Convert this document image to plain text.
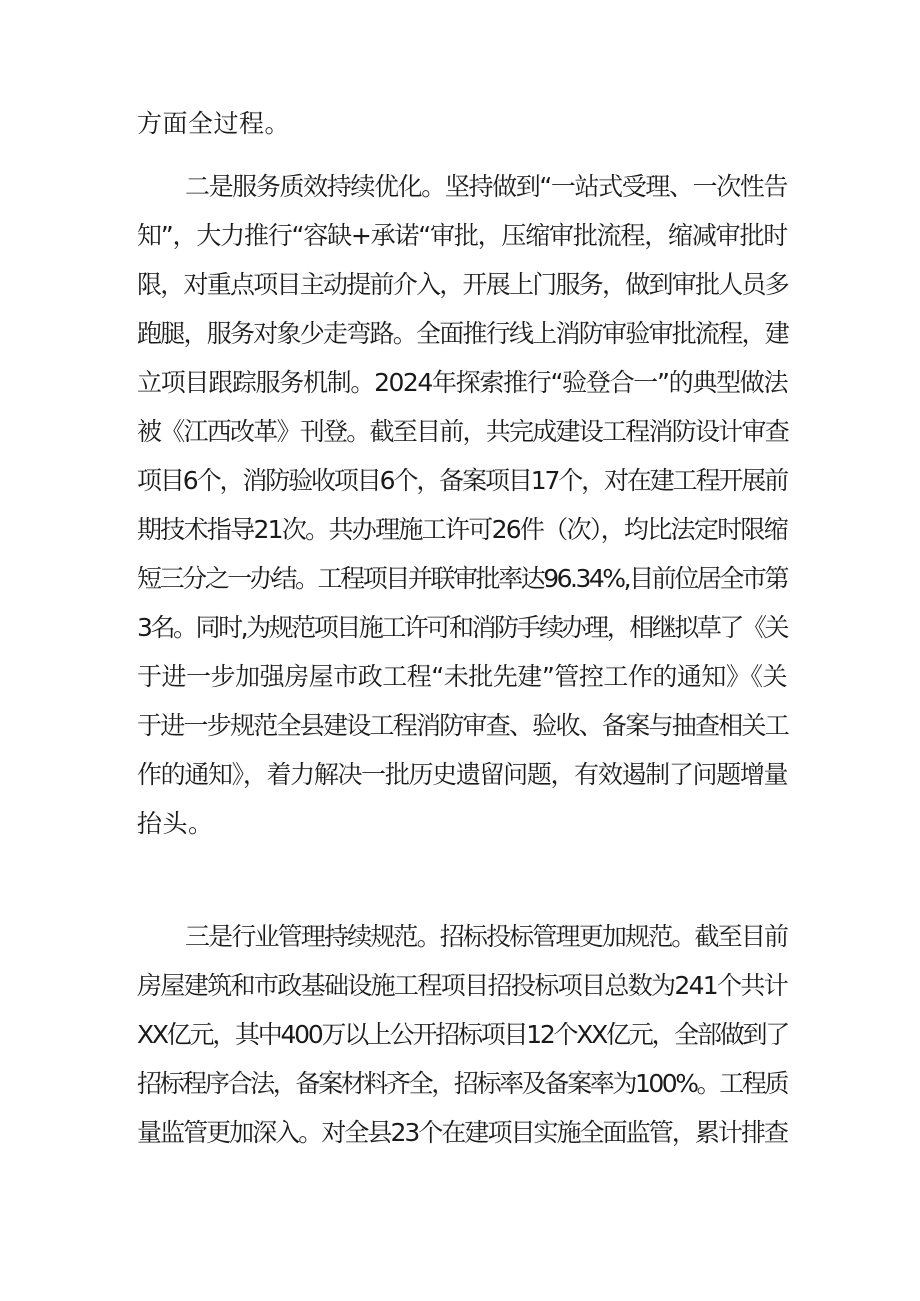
方面全过程。
二是服务质效持续优化。坚持做到“一站式受理、一次性告
知”，大力推行“容缺+承诺“审批，压缩审批流程，缩减审批时
限，对重点项目主动提前介入，开展上门服务，做到审批人员多
跑腿，服务对象少走弯路。全面推行线上消防审验审批流程，建
立项目跟踪服务机制。2024年探索推行“验登合一”的典型做法
被《江西改革》刊登。截至目前，共完成建设工程消防设计审查
项目6个，消防验收项目6个，备案项目17个，对在建工程开展前
期技术指导21次。共办理施工许可26件（次），均比法定时限缩
短三分之一办结。工程项目并联审批率达96.34%,目前位居全市第
3名。同时,为规范项目施工许可和消防手续办理，相继拟草了《关
于进一步加强房屋市政工程“未批先建”管控工作的通知》《关
于进一步规范全县建设工程消防审查、验收、备案与抽查相关工
作的通知》，着力解决一批历史遗留问题，有效遏制了问题增量
抬头。
三是行业管理持续规范。招标投标管理更加规范。截至目前
房屋建筑和市政基础设施工程项目招投标项目总数为241个共计
XX亿元，其中400万以上公开招标项目12个XX亿元，全部做到了
招标程序合法，备案材料齐全，招标率及备案率为100%。工程质
量监管更加深入。对全县23个在建项目实施全面监管，累计排查
